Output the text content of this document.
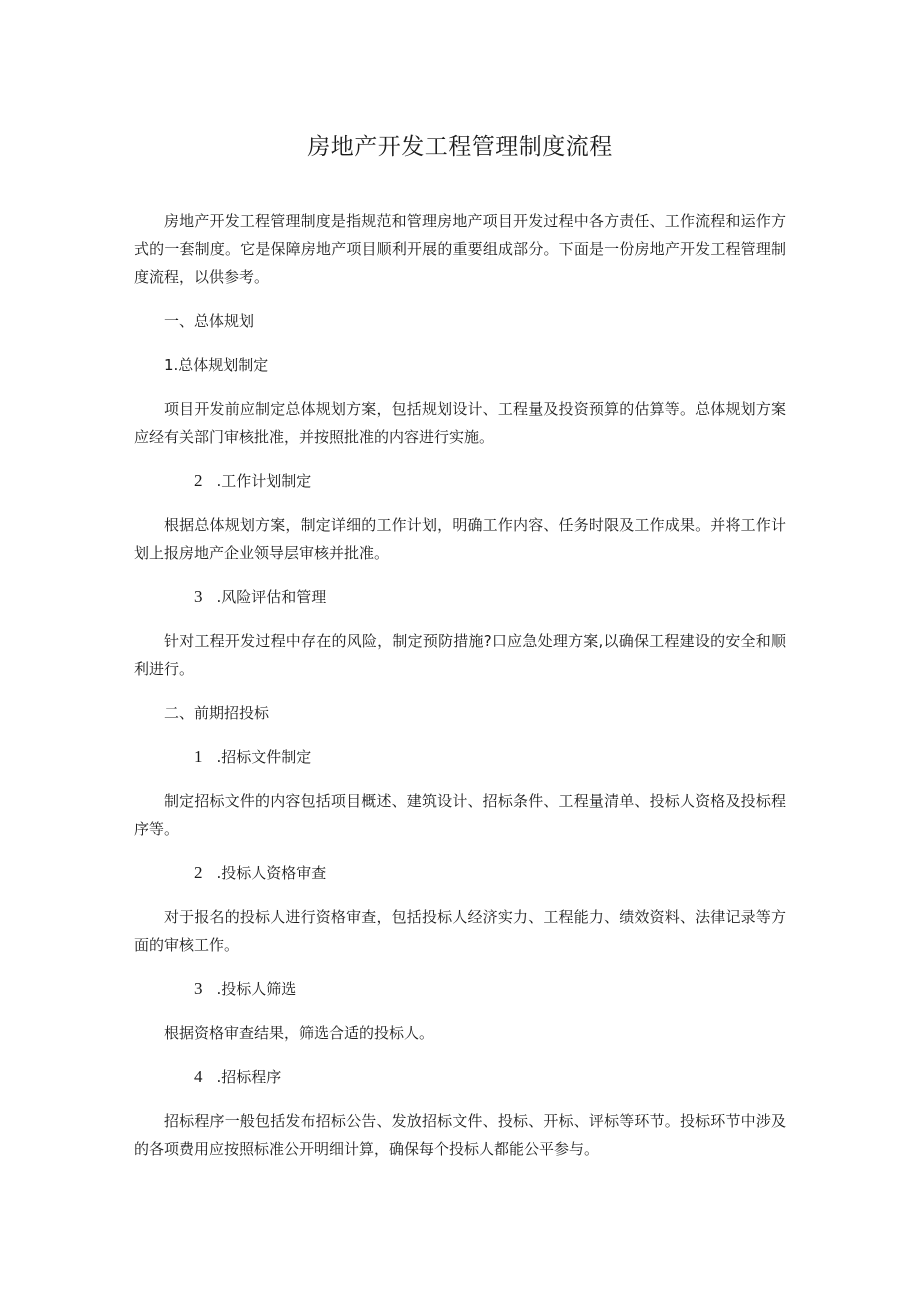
房地产开发工程管理制度流程

房地产开发工程管理制度是指规范和管理房地产项目开发过程中各方责任、工作流程和运作方式的一套制度。它是保障房地产项目顺利开展的重要组成部分。下面是一份房地产开发工程管理制度流程，以供参考。

一、总体规划

1.总体规划制定

项目开发前应制定总体规划方案，包括规划设计、工程量及投资预算的估算等。总体规划方案应经有关部门审核批准，并按照批准的内容进行实施。

2 .工作计划制定

根据总体规划方案，制定详细的工作计划，明确工作内容、任务时限及工作成果。并将工作计划上报房地产企业领导层审核并批准。

3 .风险评估和管理

针对工程开发过程中存在的风险，制定预防措施?口应急处理方案,以确保工程建设的安全和顺利进行。

二、前期招投标

1 .招标文件制定

制定招标文件的内容包括项目概述、建筑设计、招标条件、工程量清单、投标人资格及投标程序等。

2 .投标人资格审查

对于报名的投标人进行资格审查，包括投标人经济实力、工程能力、绩效资料、法律记录等方面的审核工作。

3 .投标人筛选

根据资格审查结果，筛选合适的投标人。

4 .招标程序

招标程序一般包括发布招标公告、发放招标文件、投标、开标、评标等环节。投标环节中涉及的各项费用应按照标准公开明细计算，确保每个投标人都能公平参与。
